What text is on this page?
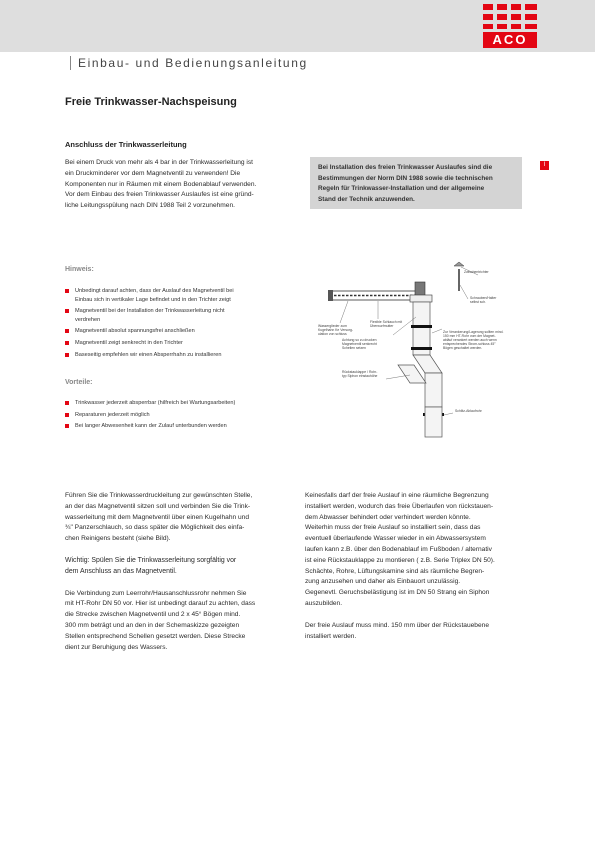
ACO
Einbau- und Bedienungsanleitung
Freie Trinkwasser-Nachspeisung
Anschluss der Trinkwasserleitung
Bei einem Druck von mehr als 4 bar in der Trinkwasserleitung ist
ein Druckminderer vor dem Magnetventil zu verwenden! Die
Komponenten nur in Räumen mit einem Bodenablauf verwenden.
Vor dem Einbau des freien Trinkwasser Auslaufes ist eine gründ-
liche Leitungsspülung nach DIN 1988 Teil 2 vorzunehmen.
Bei Installation des freien Trinkwasser Auslaufes sind die
Bestimmungen der Norm DIN 1988 sowie die technischen
Regeln für Trinkwasser-Installation und der allgemeine
Stand der Technik anzuwenden.
I
Hinweis:
Unbedingt darauf achten, dass der Auslauf des Magnetventil bei
Einbau sich in vertikaler Lage befindet und in den Trichter zeigt
Magnetventil bei der Installation der Trinkwasserleitung nicht
verdrehen
Magnetventil absolut spannungsfrei anschließen
Magnetventil zeigt senkrecht in den Trichter
Baseseitig empfehlen wir einen Absperrhahn zu installieren
Vorteile:
Trinkwasser jederzeit absperrbar (hilfreich bei Wartungsarbeiten)
Reparaturen jederzeit möglich
Bei langer Abwesenheit kann der Zulauf unterbunden werden
Zwischentrichter
Schrauben/Halter
selbst sch.
Wasserglieder zum
Kugelhahn Ke Versorg-
ulation von schluss
Flexible Schlauch mit
Überwurfmutter
Achtung so zu drucken
Magnetventil senkrecht
Schellen setzen
Zur Verankerung/Lagerung sollten mind.
150 mm HT-Rohr vom der Magnet-
abläuf verankert werden auch wenn
entsprechendes Strom-schluss 45°
Bögen geschaltet werden.
Rückstauklappe / Rohr-
typ Siphon einstauhöhe
Schlitz-Ablaufrohr
Führen Sie die Trinkwasserdruckleitung zur gewünschten Stelle,
an der das Magnetventil sitzen soll und verbinden Sie die Trink-
wasserleitung mit dem Magnetventil über einen Kugelhahn und
¾" Panzerschlauch, so dass später die Möglichkeit des einfa-
chen Reinigens besteht (siehe Bild).
Wichtig: Spülen Sie die Trinkwasserleitung sorgfältig vor
dem Anschluss an das Magnetventil.
Die Verbindung zum Leerrohr/Hausanschlussrohr nehmen Sie
mit HT-Rohr DN 50 vor. Hier ist unbedingt darauf zu achten, dass
die Strecke zwischen Magnetventil und 2 x 45° Bögen mind.
300 mm beträgt und an den in der Schemaskizze gezeigten
Stellen entsprechend Schellen gesetzt werden. Diese Strecke
dient zur Beruhigung des Wassers.
Keinesfalls darf der freie Auslauf in eine räumliche Begrenzung
installiert werden, wodurch das freie Überlaufen von rückstauen-
dem Abwasser behindert oder verhindert werden könnte.
Weiterhin muss der freie Auslauf so installiert sein, dass das
eventuell überlaufende Wasser wieder in ein Abwassersystem
laufen kann z.B. über den Bodenablauf im Fußboden / alternativ
ist eine Rückstauklappe zu montieren ( z.B. Serie Triplex DN 50).
Schächte, Rohre, Lüftungskamine sind als räumliche Begren-
zung anzusehen und daher als Einbauort unzulässig.
Gegenevtl. Geruchsbelästigung ist im DN 50 Strang ein Siphon
auszubilden.
Der freie Auslauf muss mind. 150 mm über der Rückstauebene
installiert werden.
